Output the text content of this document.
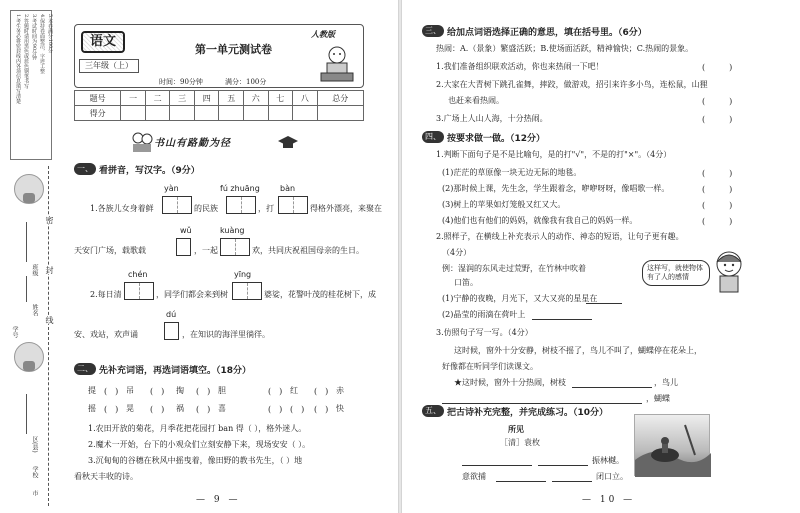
1.考生务必将密封线内各项信息填写清楚 2.答题时请用黑色或蓝色钢笔书写 3.考试时间为90分钟 4.保持卷面整洁，字迹工整 5.本卷满分100分
班级
姓名
区(县)
学校
市
学号
密
封
线
语文
三年级（上）
第一单元测试卷
时间：90分钟	满分：100分
人教版
题号	一	二	三	四	五	六	七	八	总分
得分									
书山有路勤为径
一、 看拼音，写汉字。（9分）
yàn	fú zhuāng	bàn
1.各族儿女身着鲜	的民族	，打	得格外漂亮，来聚在
wǔ	kuàng
天安门广场，载歌载	，一起	欢，共同庆祝祖国母亲的生日。
chén	yīng
2.每日清	，同学们都会来到树	婆娑，花警叶茂的桂花树下，成
dú
安、戏站，欢声诵	，在知识的海洋里徜徉。
二、 先补充词语，再选词语填空。（18分）
提 (　) 吊 (　) 掏 (　) 胆	(　) 红 (　) 赤
摇 (　) 晃 (　) 祸 (　) 喜	(　) (　) (　) 快
1.农田开放的菊花，月季花把花园打 ban 得（ ），格外迷人。
2.魔术一开始，台下的小观众们立刻安静下来，现场安安（ ）。
3.沉甸甸的谷穗在秋风中摇曳着，像田野的教书先生，（ ）地
看秋天丰收的诗。
— 9 —
三、 给加点词语选择正确的意思，填在括号里。（6分）
热闹：A.（景象）繁盛活跃；B.使场面活跃，精神愉快；C.热闹的景象。
1.我们准备组织联欢活动，你也来热闹一下吧！	(　　　)
2.大家在大青树下跳孔雀舞，摔跤，做游戏，招引来许多小鸟，连松鼠，山狸
(　　　)
也赶来看热闹。
3.广场上人山人海，十分热闹。	(　　　)
四、 按要求做一做。（12分）
1.判断下面句子是不是比喻句，是的打"√"，不是的打"×"。（4分）
(1)茫茫的草原像一块无边无际的地毯。	(　　　)
(2)那时候上课，先生念，学生跟着念，咿咿呀呀，像唱歌一样。	(　　　)
(3)树上的苹果如灯笼般又红又大。	(　　　)
(4)他们也有他们的妈妈，就像我有我自己的妈妈一样。	(　　　)
2.照样子，在横线上补充表示人的动作、神态的短语，让句子更有趣。
（4分）
例：湿润的东风走过荒野，在竹林中吹着
口笛。
这样写，就使物体有了人的感情
(1)宁静的夜晚，月光下，又大又亮的星星在
(2)晶莹的雨滴在荷叶上
3.仿照句子写一写。（4分）
这时候，窗外十分安静，树枝不摇了，鸟儿不叫了，蝴蝶停在花朵上，
好像都在听同学们读课文。
★这时候，窗外十分热闹，树枝	，鸟儿
，蝴蝶
五、 把古诗补充完整，并完成练习。（10分）
所见
［清］袁枚
振林樾。
意欲捕	闭口立。
— 10 —
